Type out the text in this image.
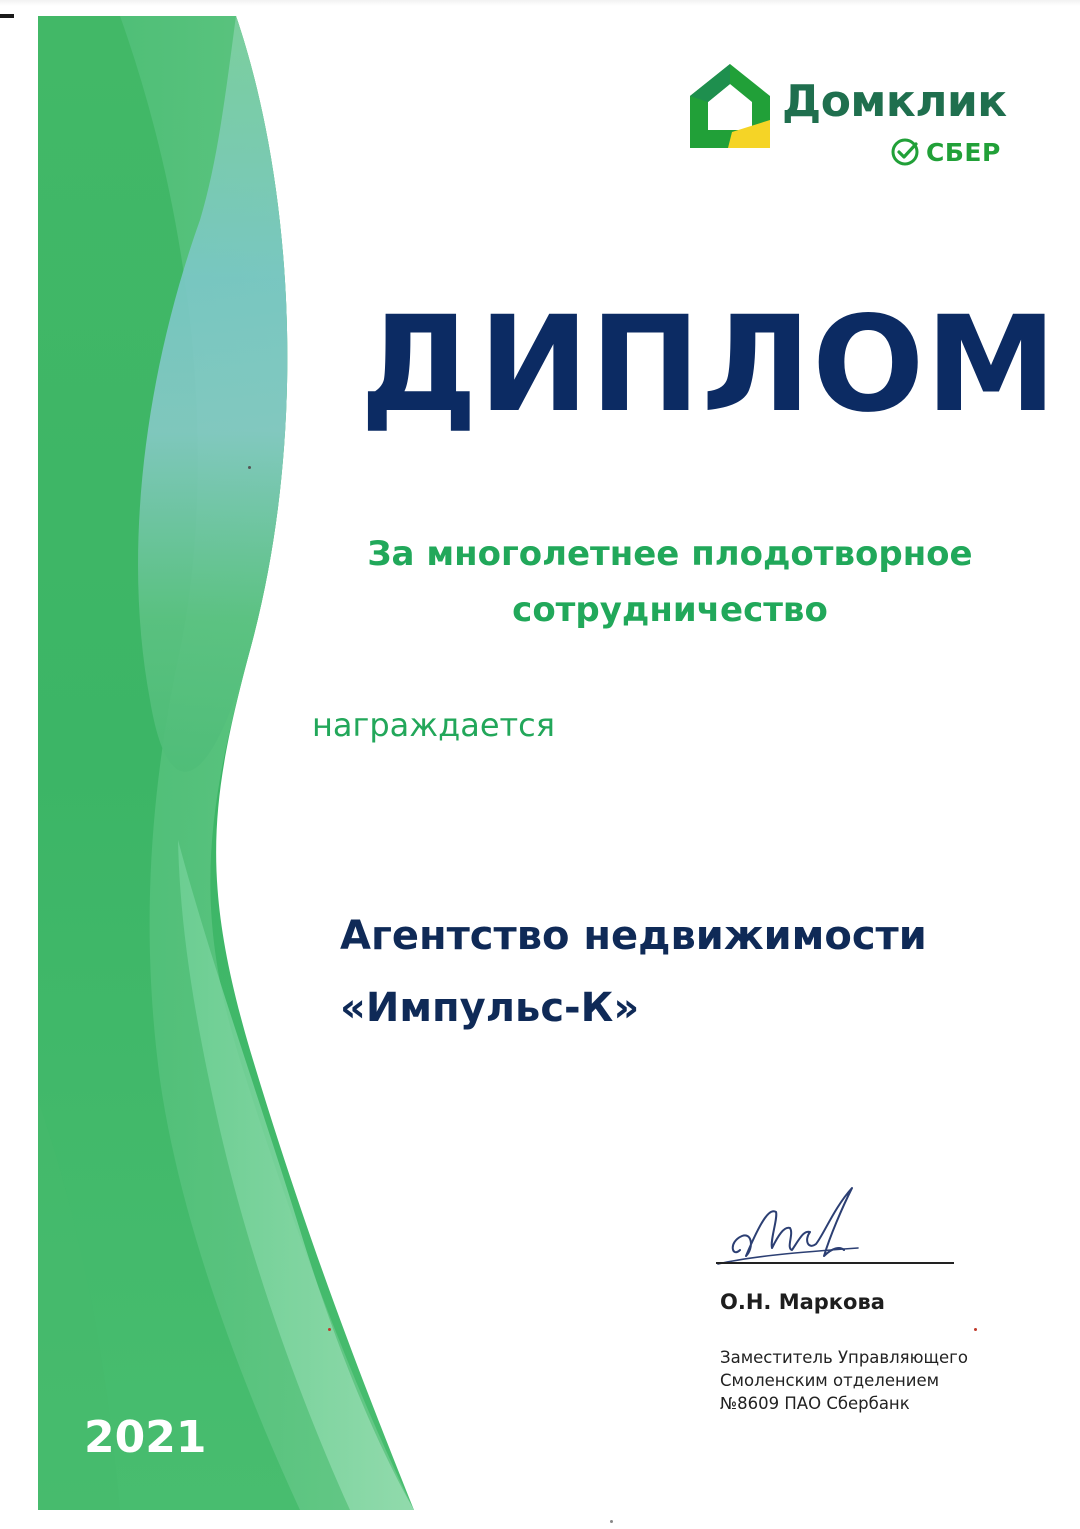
Домклик
СБЕР
ДИПЛОМ
За многолетнее плодотворное
сотрудничество
награждается
Агентство недвижимости
«Импульс-К»
О.Н. Маркова
Заместитель Управляющего
Смоленским отделением
№8609 ПАО Сбербанк
2021
